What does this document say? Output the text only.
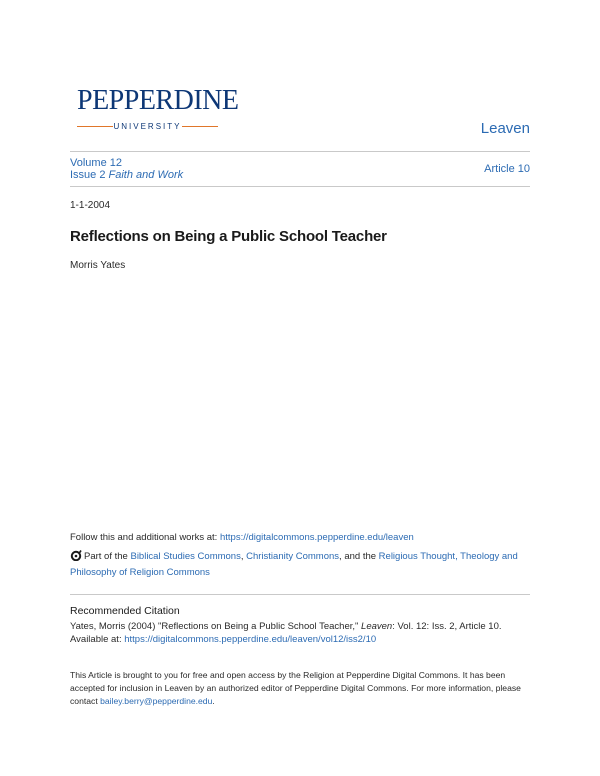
PEPPERDINE
UNIVERSITY	Leaven
Volume 12
Issue 2 Faith and Work	Article 10
1-1-2004
Reflections on Being a Public School Teacher
Morris Yates
Follow this and additional works at: https://digitalcommons.pepperdine.edu/leaven
Part of the Biblical Studies Commons, Christianity Commons, and the Religious Thought, Theology and Philosophy of Religion Commons
Recommended Citation
Yates, Morris (2004) "Reflections on Being a Public School Teacher," Leaven: Vol. 12: Iss. 2, Article 10.
Available at: https://digitalcommons.pepperdine.edu/leaven/vol12/iss2/10
This Article is brought to you for free and open access by the Religion at Pepperdine Digital Commons. It has been accepted for inclusion in Leaven by an authorized editor of Pepperdine Digital Commons. For more information, please contact bailey.berry@pepperdine.edu.
